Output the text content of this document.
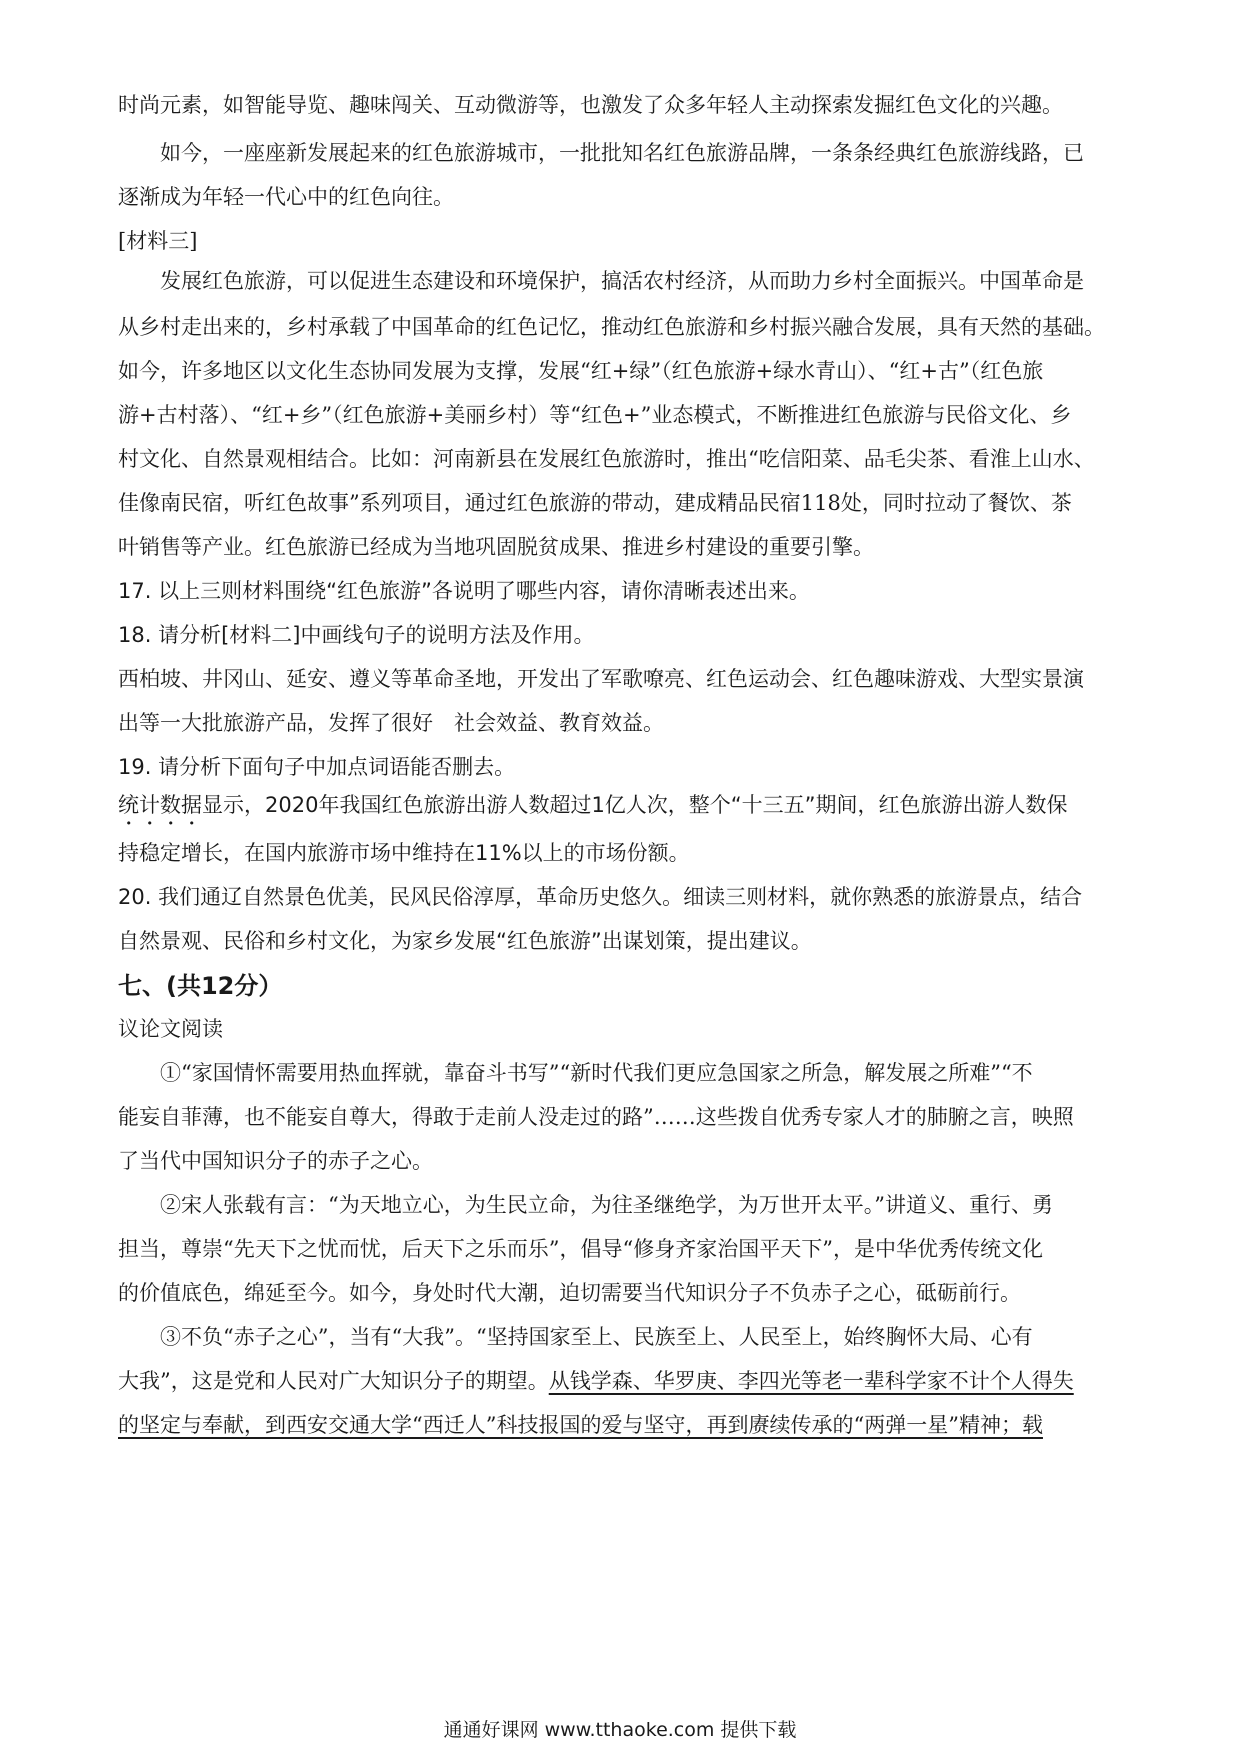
时尚元素，如智能导览、趣味闯关、互动微游等，也激发了众多年轻人主动探索发掘红色文化的兴趣。
如今，一座座新发展起来的红色旅游城市，一批批知名红色旅游品牌，一条条经典红色旅游线路，已
逐渐成为年轻一代心中的红色向往。
[材料三]
发展红色旅游，可以促进生态建设和环境保护，搞活农村经济，从而助力乡村全面振兴。中国革命是
从乡村走出来的，乡村承载了中国革命的红色记忆，推动红色旅游和乡村振兴融合发展，具有天然的基础。
如今，许多地区以文化生态协同发展为支撑，发展“红+绿”（红色旅游+绿水青山）、“红+古”（红色旅
游+古村落）、“红+乡”（红色旅游+美丽乡村）等“红色+”业态模式，不断推进红色旅游与民俗文化、乡
村文化、自然景观相结合。比如：河南新县在发展红色旅游时，推出“吃信阳菜、品毛尖茶、看淮上山水、
佳像南民宿，听红色故事”系列项目，通过红色旅游的带动，建成精品民宿118处，同时拉动了餐饮、茶
叶销售等产业。红色旅游已经成为当地巩固脱贫成果、推进乡村建设的重要引擎。
17. 以上三则材料围绕“红色旅游”各说明了哪些内容，请你清晰表述出来。
18. 请分析[材料二]中画线句子的说明方法及作用。
西柏坡、井冈山、延安、遵义等革命圣地，开发出了军歌嘹亮、红色运动会、红色趣味游戏、大型实景演
出等一大批旅游产品，发挥了很好　社会效益、教育效益。
19. 请分析下面句子中加点词语能否删去。
统计数据显示，2020年我国红色旅游出游人数超过1亿人次，整个“十三五”期间，红色旅游出游人数保
持稳定增长，在国内旅游市场中维持在11%以上的市场份额。
20. 我们通辽自然景色优美，民风民俗淳厚，革命历史悠久。细读三则材料，就你熟悉的旅游景点，结合
自然景观、民俗和乡村文化，为家乡发展“红色旅游”出谋划策，提出建议。
七、(共12分）
议论文阅读
①“家国情怀需要用热血挥就，靠奋斗书写”“新时代我们更应急国家之所急，解发展之所难”“不
能妄自菲薄，也不能妄自尊大，得敢于走前人没走过的路”……这些拨自优秀专家人才的肺腑之言，映照
了当代中国知识分子的赤子之心。
②宋人张载有言：“为天地立心，为生民立命，为往圣继绝学，为万世开太平。”讲道义、重行、勇
担当，尊崇“先天下之忧而忧，后天下之乐而乐”，倡导“修身齐家治国平天下”，是中华优秀传统文化
的价值底色，绵延至今。如今，身处时代大潮，迫切需要当代知识分子不负赤子之心，砥砺前行。
③不负“赤子之心”，当有“大我”。“坚持国家至上、民族至上、人民至上，始终胸怀大局、心有
大我”，这是党和人民对广大知识分子的期望。从钱学森、华罗庚、李四光等老一辈科学家不计个人得失
的坚定与奉献，到西安交通大学“西迁人”科技报国的爱与坚守，再到赓续传承的“两弹一星”精神；载
通通好课网 www.tthaoke.com 提供下载
